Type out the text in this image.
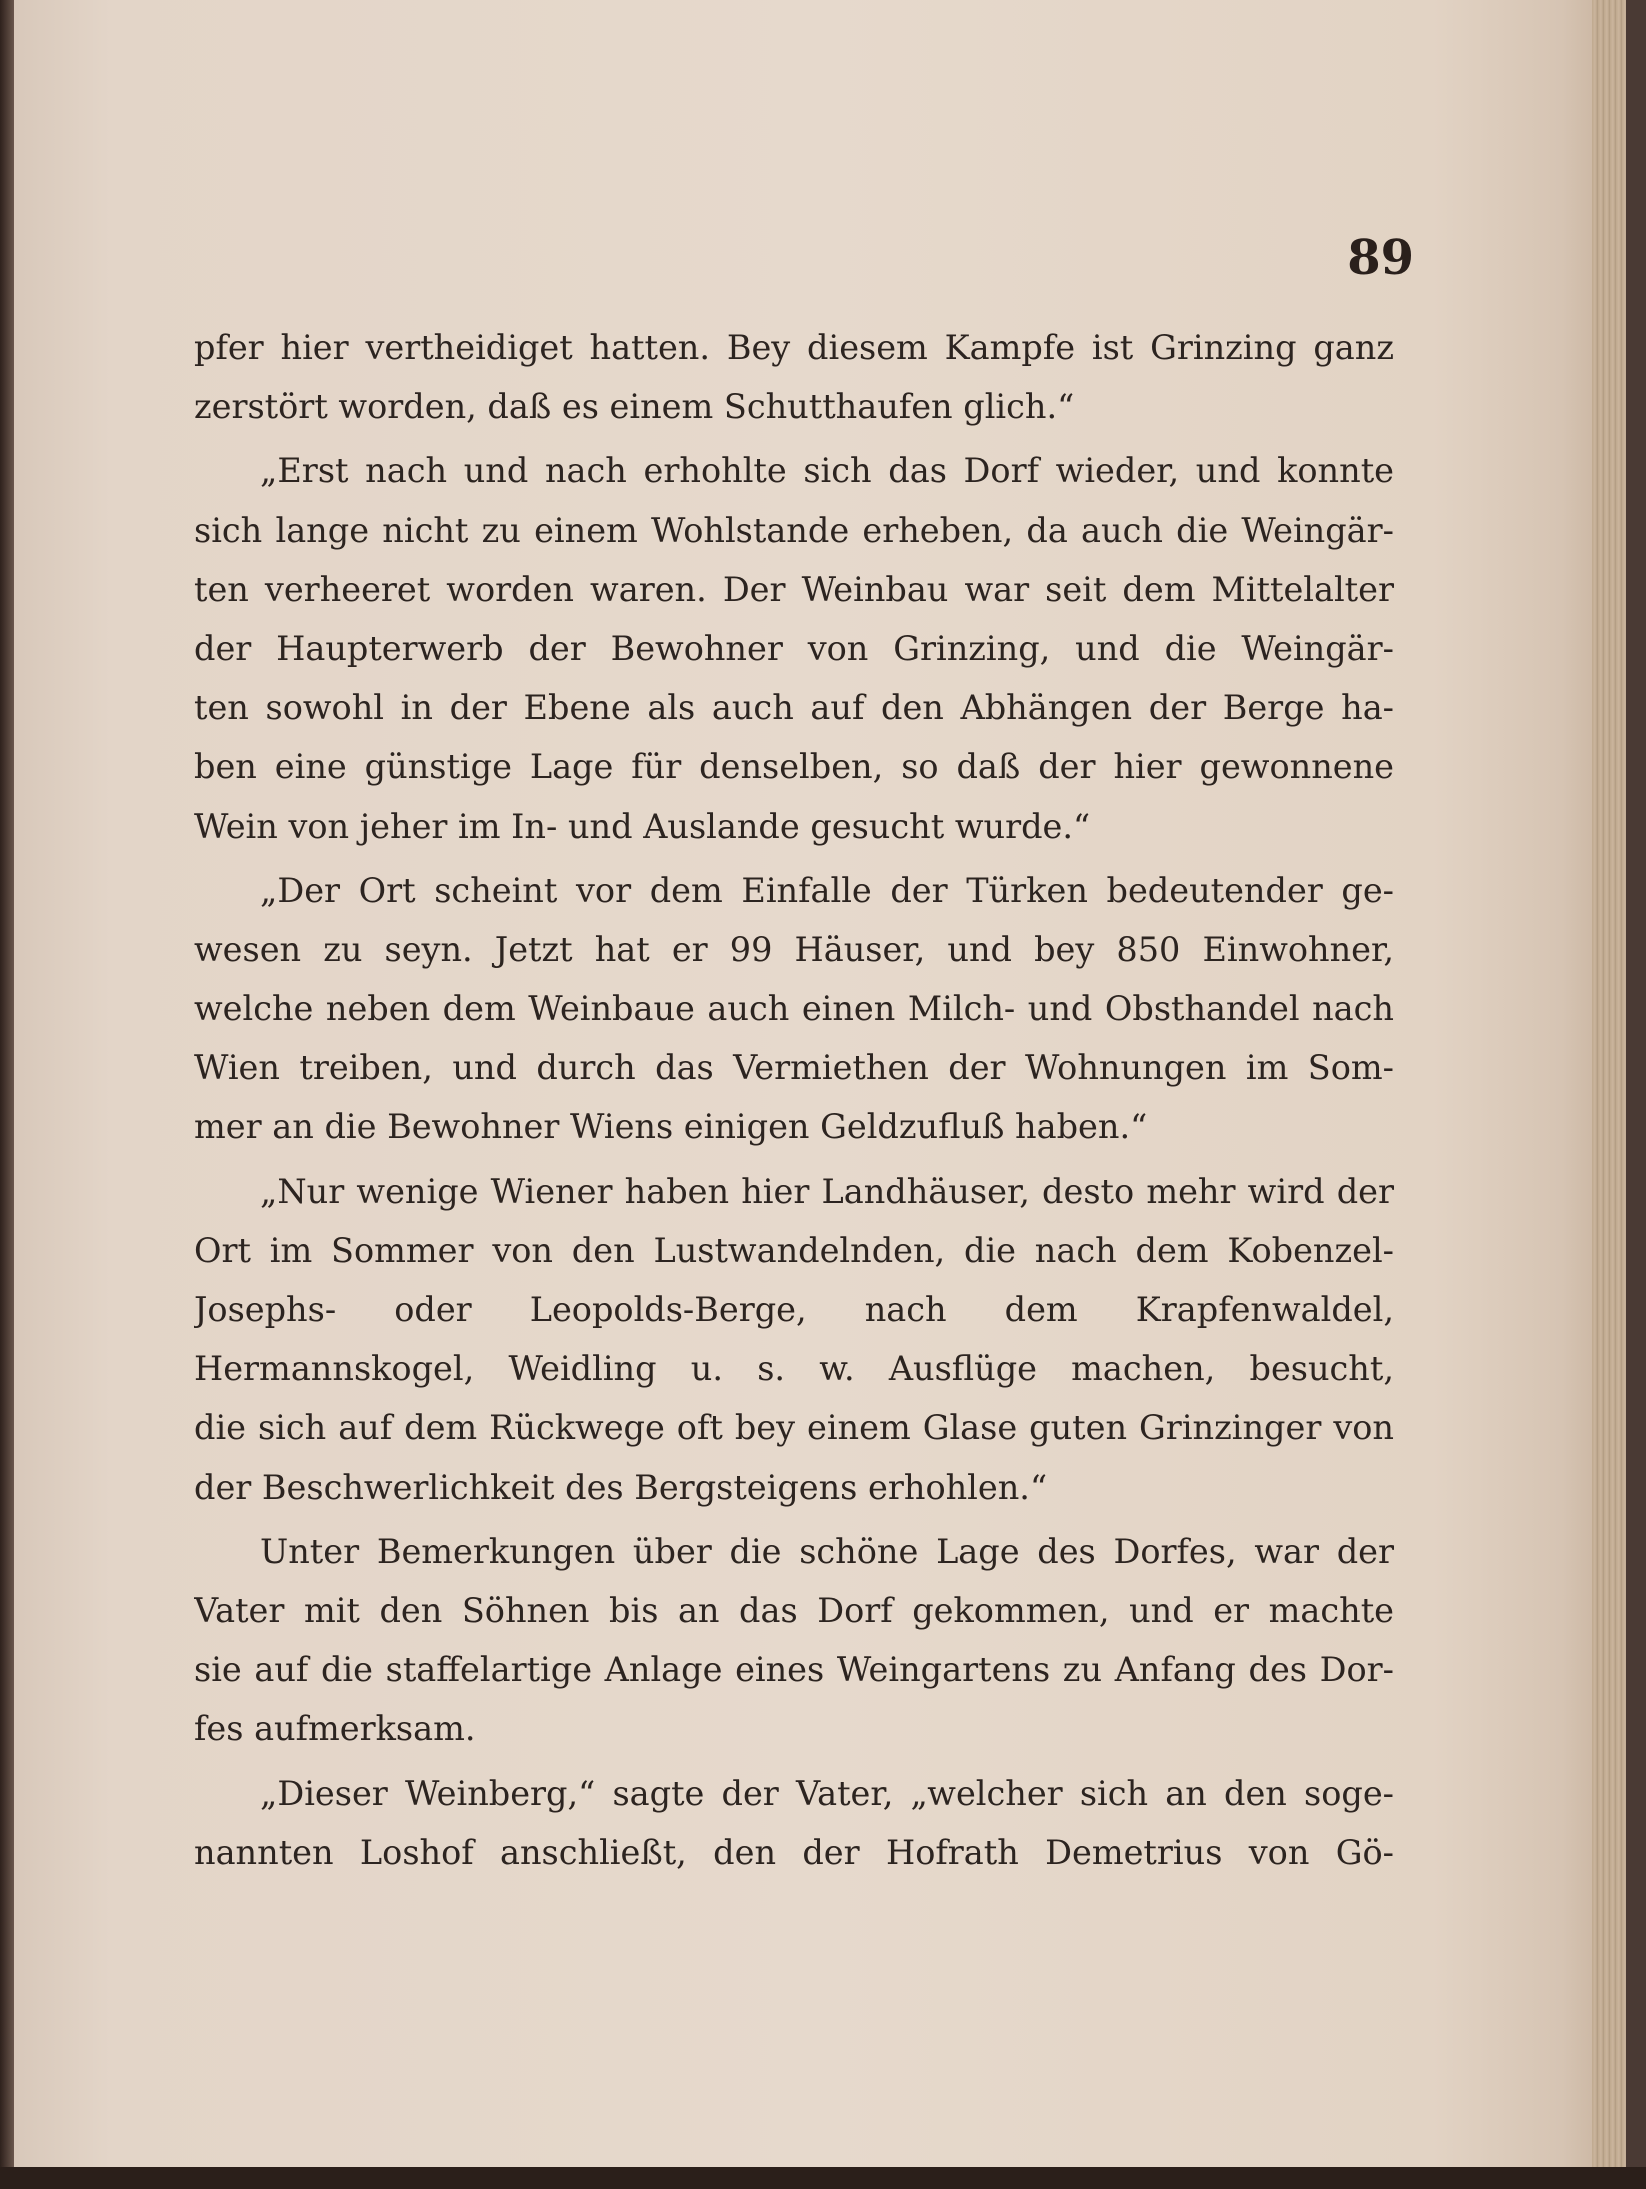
89
pfer hier vertheidiget hatten. Bey diesem Kampfe ist Grinzing ganz
zerstört worden, daß es einem Schutthaufen glich.“
„Erst nach und nach erhohlte sich das Dorf wieder, und konnte
sich lange nicht zu einem Wohlstande erheben, da auch die Weingär-
ten verheeret worden waren. Der Weinbau war seit dem Mittelalter
der Haupterwerb der Bewohner von Grinzing, und die Weingär-
ten sowohl in der Ebene als auch auf den Abhängen der Berge ha-
ben eine günstige Lage für denselben, so daß der hier gewonnene
Wein von jeher im In- und Auslande gesucht wurde.“
„Der Ort scheint vor dem Einfalle der Türken bedeutender ge-
wesen zu seyn. Jetzt hat er 99 Häuser, und bey 850 Einwohner,
welche neben dem Weinbaue auch einen Milch- und Obsthandel nach
Wien treiben, und durch das Vermiethen der Wohnungen im Som-
mer an die Bewohner Wiens einigen Geldzufluß haben.“
„Nur wenige Wiener haben hier Landhäuser, desto mehr wird der
Ort im Sommer von den Lustwandelnden, die nach dem Kobenzel-
Josephs- oder Leopolds-Berge, nach dem Krapfenwaldel,
Hermannskogel, Weidling u. s. w. Ausflüge machen, besucht,
die sich auf dem Rückwege oft bey einem Glase guten Grinzinger von
der Beschwerlichkeit des Bergsteigens erhohlen.“
Unter Bemerkungen über die schöne Lage des Dorfes, war der
Vater mit den Söhnen bis an das Dorf gekommen, und er machte
sie auf die staffelartige Anlage eines Weingartens zu Anfang des Dor-
fes aufmerksam.
„Dieser Weinberg,“ sagte der Vater, „welcher sich an den soge-
nannten Loshof anschließt, den der Hofrath Demetrius von Gö-
